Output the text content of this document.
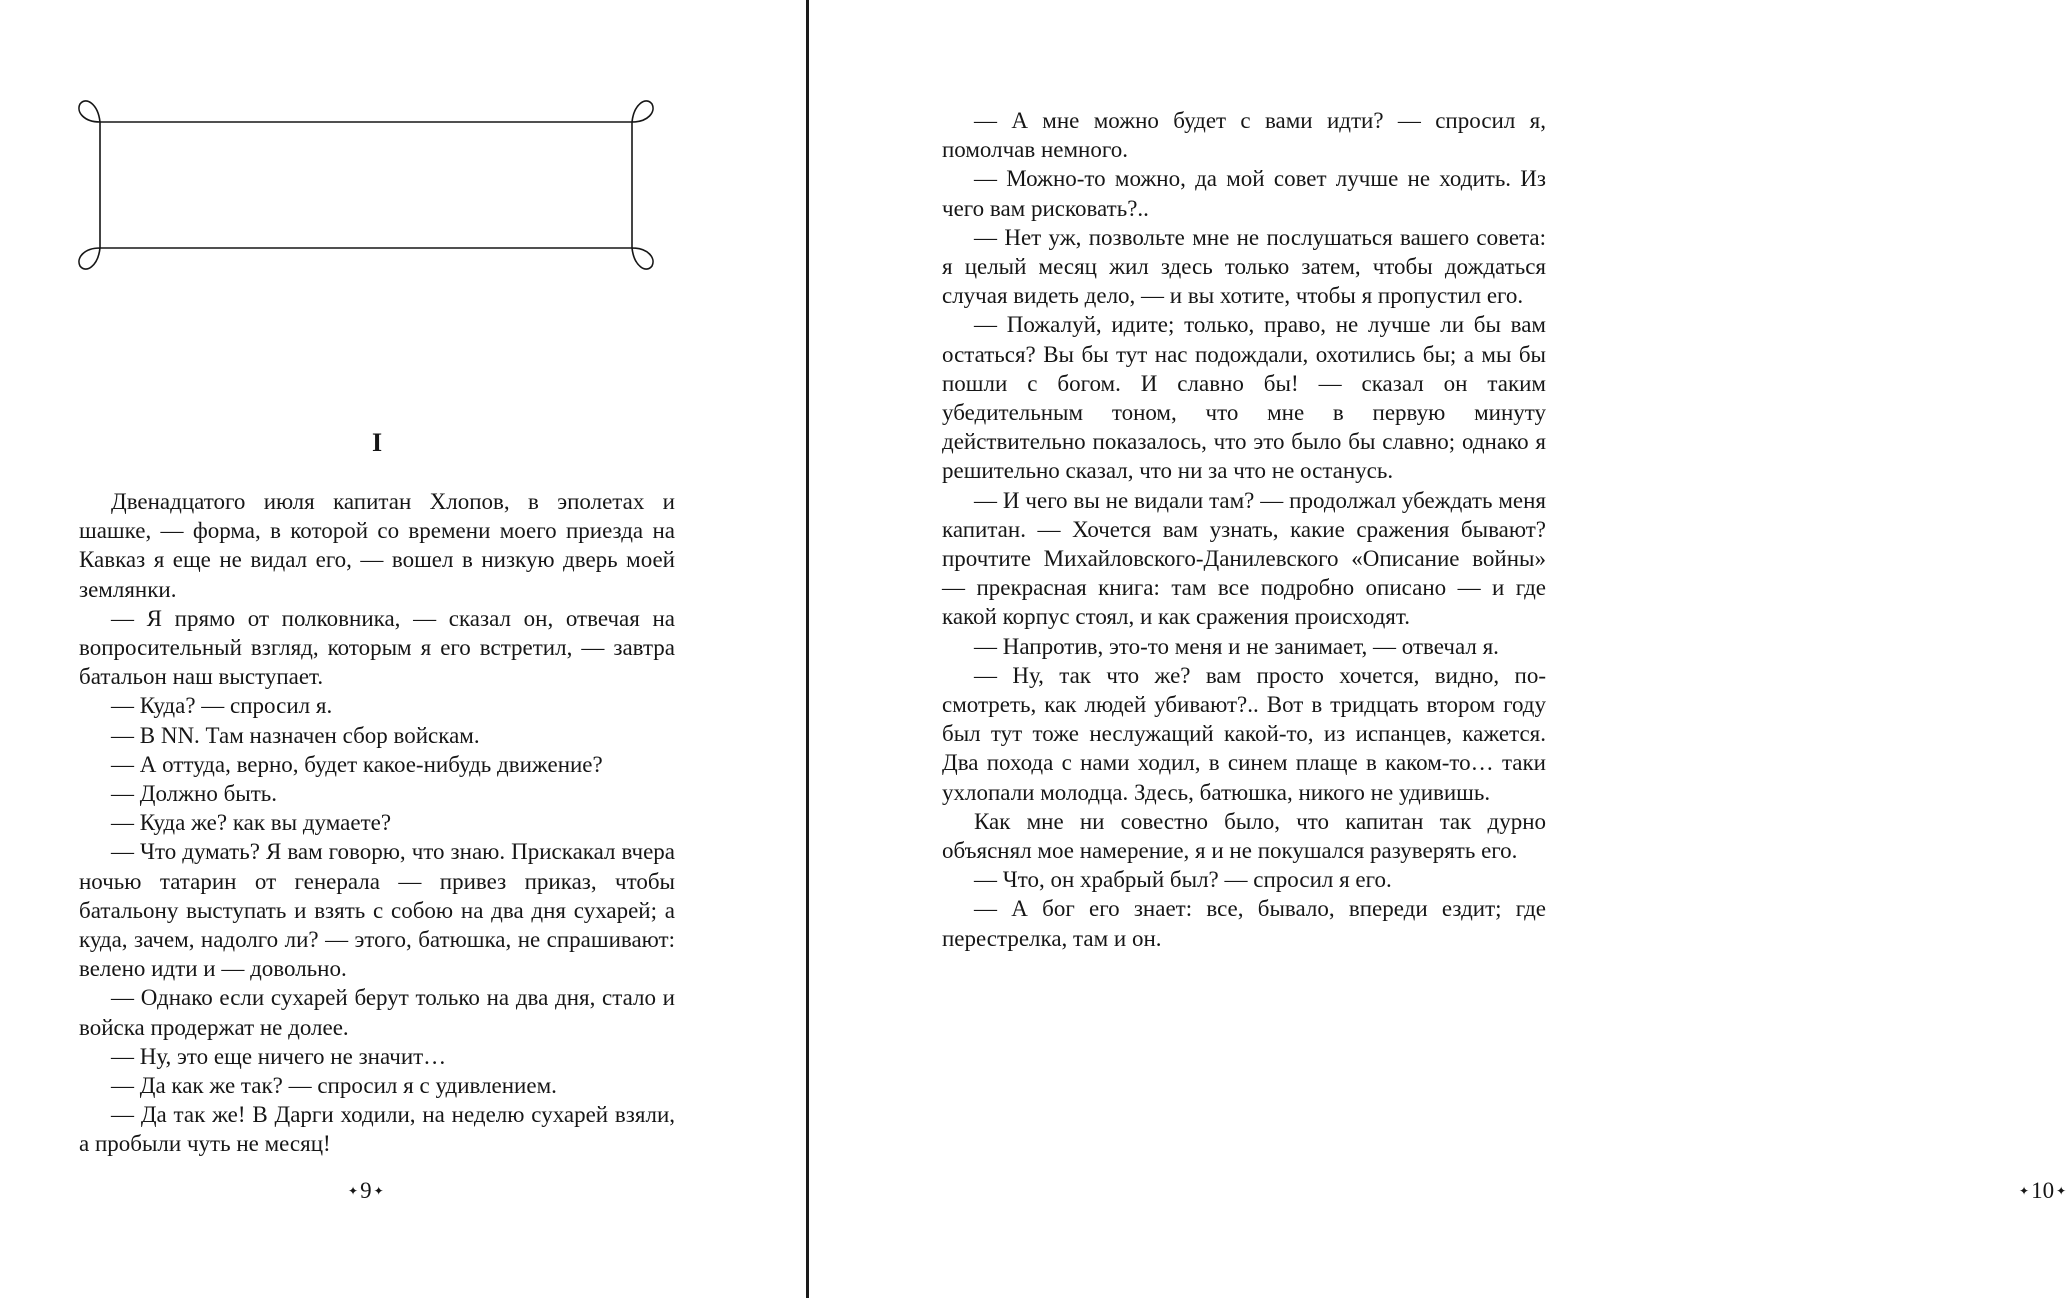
I

Двенадцатого июля капитан Хлопов, в эполетах и шашке, — форма, в которой со времени моего приезда на Кавказ я еще не видал его, — вошел в низкую дверь моей землянки.

— Я прямо от полковника, — сказал он, отвечая на вопросительный взгляд, которым я его встретил, — завтра батальон наш выступает.

— Куда? — спросил я.

— В NN. Там назначен сбор войскам.

— А оттуда, верно, будет какое-нибудь движение?

— Должно быть.

— Куда же? как вы думаете?

— Что думать? Я вам говорю, что знаю. Прискакал вчера ночью татарин от генерала — привез приказ, чтобы батальону выступать и взять с собою на два дня сухарей; а куда, зачем, надолго ли? — этого, батюшка, не спрашивают: велено идти и — довольно.

— Однако если сухарей берут только на два дня, стало и войска продержат не долее.

— Ну, это еще ничего не значит…

— Да как же так? — спросил я с удивлением.

— Да так же! В Дарги ходили, на неделю сухарей взяли, а пробыли чуть не месяц!

✦ 9 ✦

— А мне можно будет с вами идти? — спросил я, помолчав немного.

— Можно-то можно, да мой совет лучше не ходить. Из чего вам рисковать?..

— Нет уж, позвольте мне не послушаться вашего совета: я целый месяц жил здесь только затем, чтобы дождаться случая видеть дело, — и вы хотите, чтобы я пропустил его.

— Пожалуй, идите; только, право, не лучше ли бы вам остаться? Вы бы тут нас подождали, охотились бы; а мы бы пошли с богом. И славно бы! — сказал он таким убедительным тоном, что мне в первую минуту действительно показалось, что это было бы славно; однако я решительно сказал, что ни за что не останусь.

— И чего вы не видали там? — продолжал убеждать меня капитан. — Хочется вам узнать, какие сражения бывают? прочтите Михайловского-Данилевского «Описание войны» — прекрасная книга: там все подробно описано — и где какой корпус стоял, и как сражения происходят.

— Напротив, это-то меня и не занимает, — отвечал я.

— Ну, так что же? вам просто хочется, видно, посмотреть, как людей убивают?.. Вот в тридцать втором году был тут тоже неслужащий какой-то, из испанцев, кажется. Два похода с нами ходил, в синем плаще в каком-то… таки ухлопали молодца. Здесь, батюшка, никого не удивишь.

Как мне ни совестно было, что капитан так дурно объяснял мое намерение, я и не покушался разуверять его.

— Что, он храбрый был? — спросил я его.

— А бог его знает: все, бывало, впереди ездит; где перестрелка, там и он.

✦ 10 ✦
